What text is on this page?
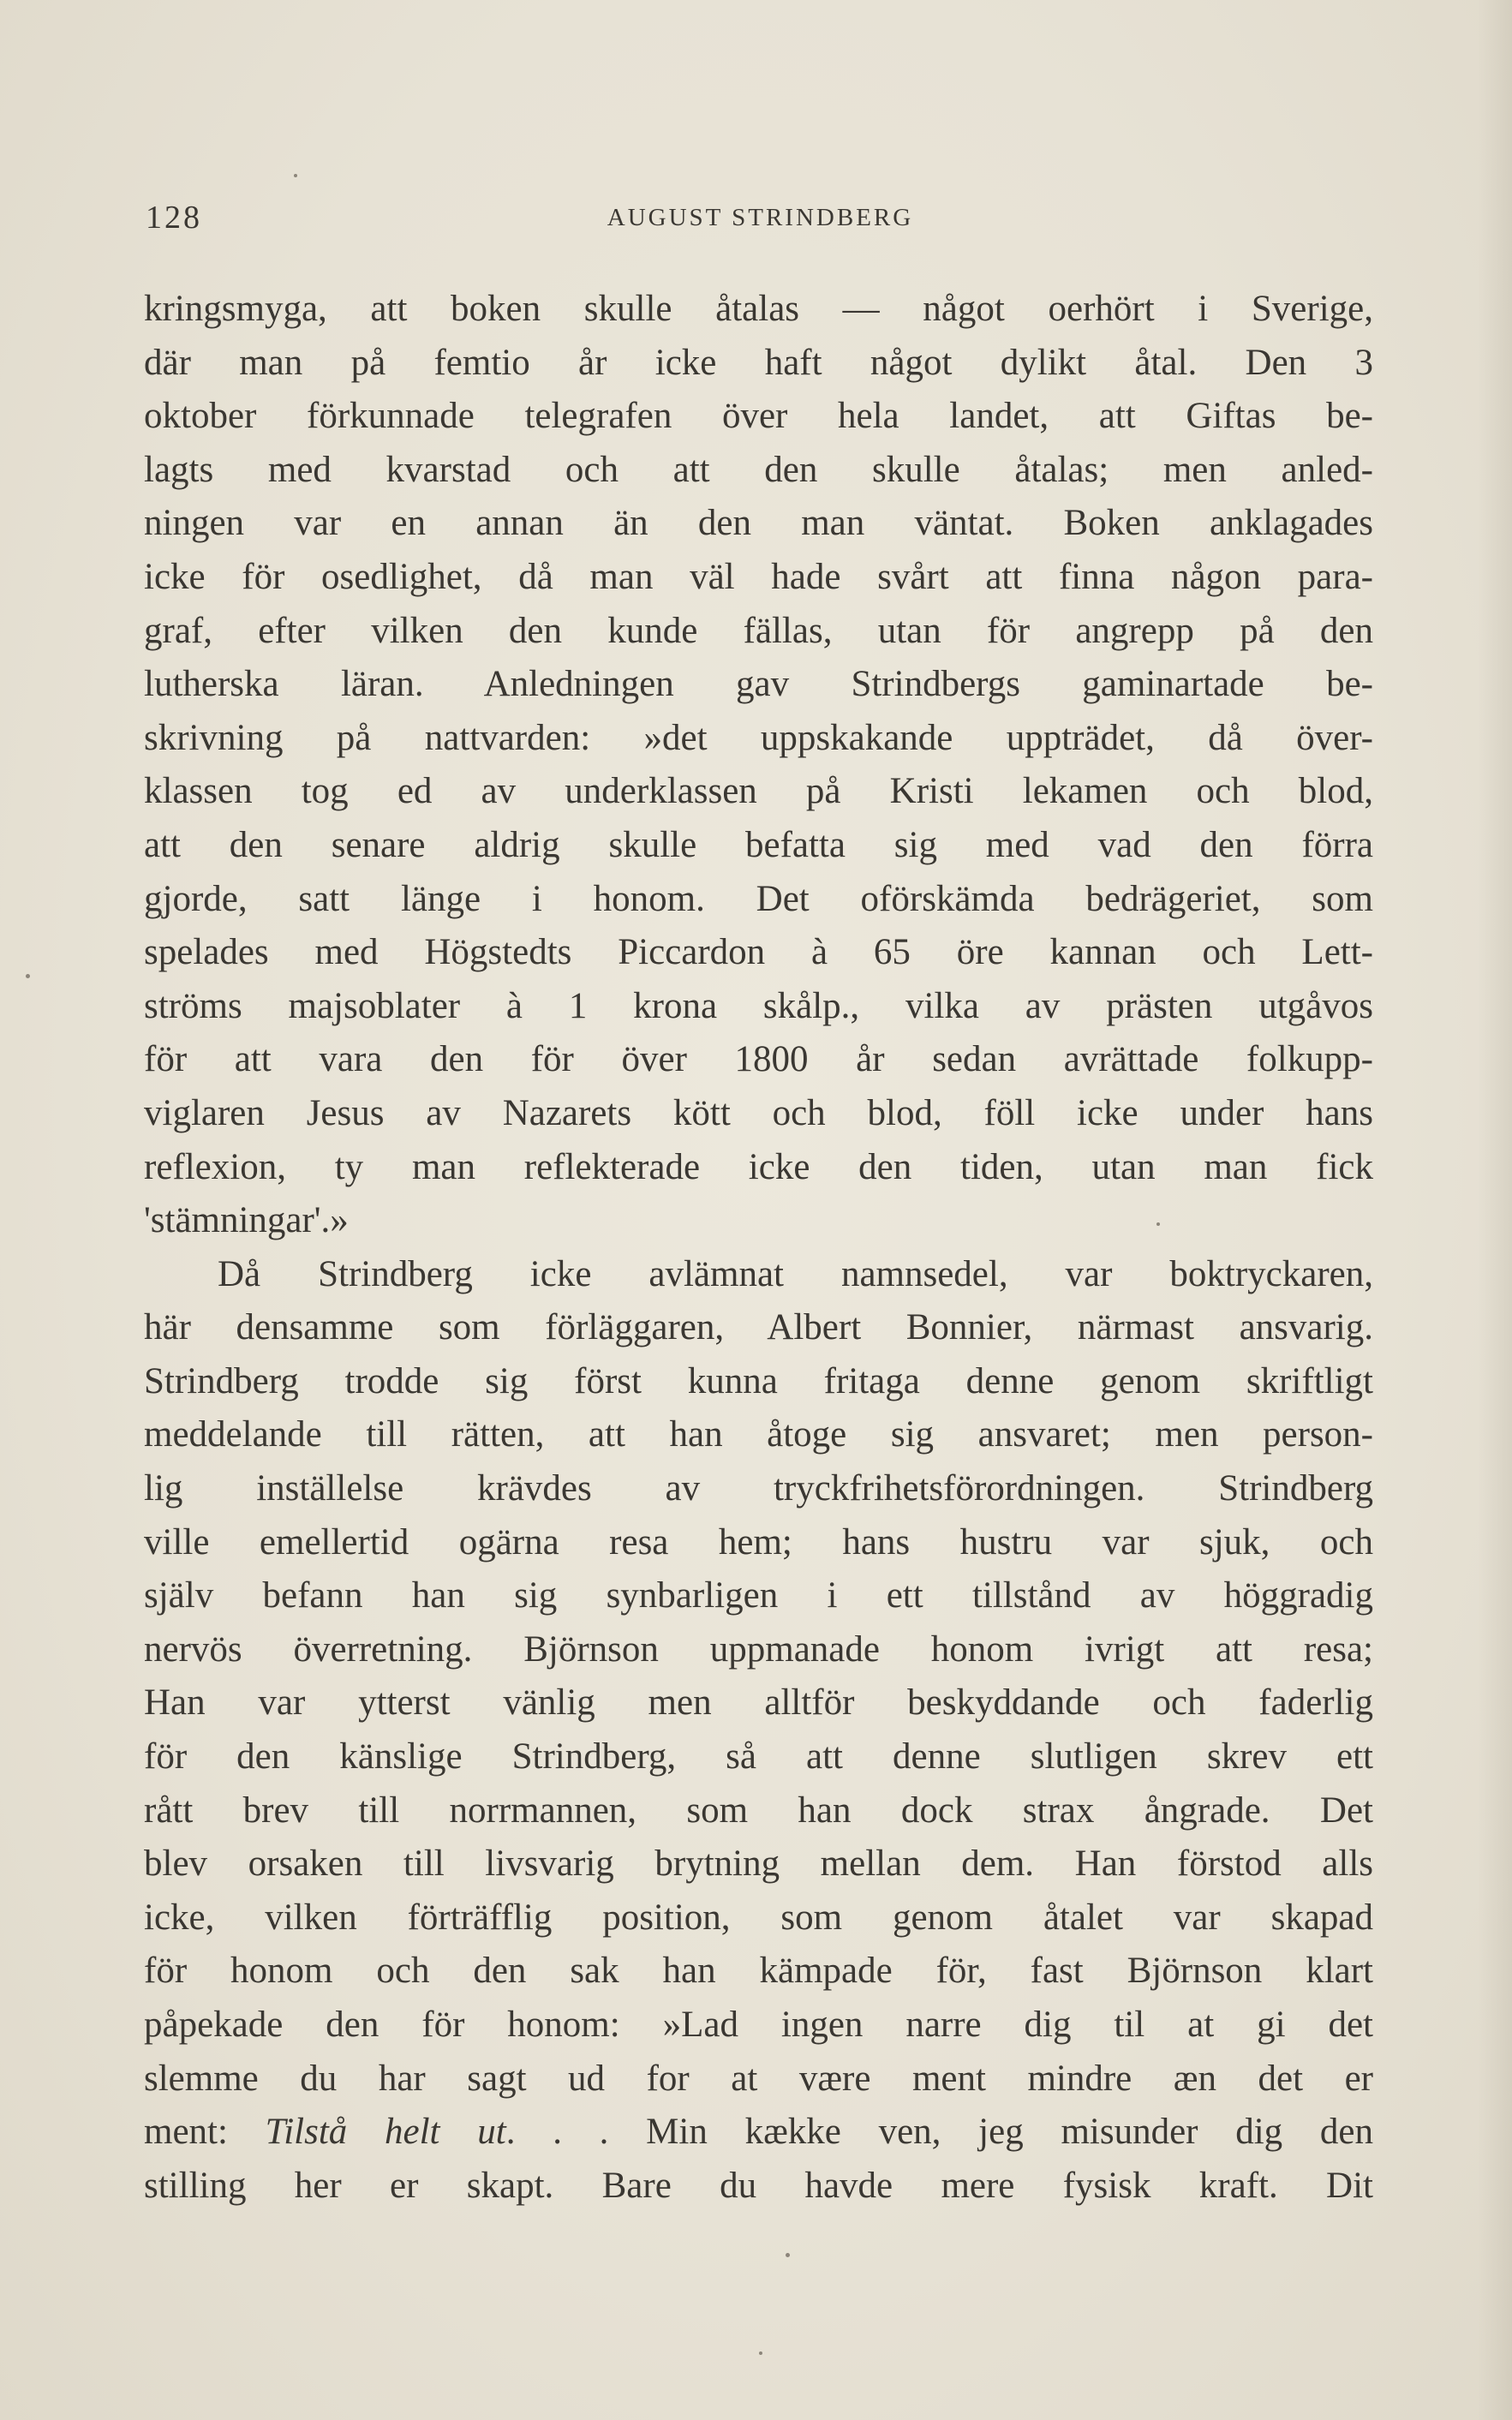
128	AUGUST STRINDBERG
kringsmyga, att boken skulle åtalas — något oerhört i Sverige,
där man på femtio år icke haft något dylikt åtal. Den 3
oktober förkunnade telegrafen över hela landet, att Giftas be-
lagts med kvarstad och att den skulle åtalas; men anled-
ningen var en annan än den man väntat. Boken anklagades
icke för osedlighet, då man väl hade svårt att finna någon para-
graf, efter vilken den kunde fällas, utan för angrepp på den
lutherska läran. Anledningen gav Strindbergs gaminartade be-
skrivning på nattvarden: »det uppskakande uppträdet, då över-
klassen tog ed av underklassen på Kristi lekamen och blod,
att den senare aldrig skulle befatta sig med vad den förra
gjorde, satt länge i honom. Det oförskämda bedrägeriet, som
spelades med Högstedts Piccardon à 65 öre kannan och Lett-
ströms majsoblater à 1 krona skålp., vilka av prästen utgåvos
för att vara den för över 1800 år sedan avrättade folkupp-
viglaren Jesus av Nazarets kött och blod, föll icke under hans
reflexion, ty man reflekterade icke den tiden, utan man fick
'stämningar'.»
Då Strindberg icke avlämnat namnsedel, var boktryckaren,
här densamme som förläggaren, Albert Bonnier, närmast ansvarig.
Strindberg trodde sig först kunna fritaga denne genom skriftligt
meddelande till rätten, att han åtoge sig ansvaret; men person-
lig inställelse krävdes av tryckfrihetsförordningen. Strindberg
ville emellertid ogärna resa hem; hans hustru var sjuk, och
själv befann han sig synbarligen i ett tillstånd av höggradig
nervös överretning. Björnson uppmanade honom ivrigt att resa;
Han var ytterst vänlig men alltför beskyddande och faderlig
för den känslige Strindberg, så att denne slutligen skrev ett
rått brev till norrmannen, som han dock strax ångrade. Det
blev orsaken till livsvarig brytning mellan dem. Han förstod alls
icke, vilken förträfflig position, som genom åtalet var skapad
för honom och den sak han kämpade för, fast Björnson klart
påpekade den för honom: »Lad ingen narre dig til at gi det
slemme du har sagt ud for at være ment mindre æn det er
ment: Tilstå helt ut. . . Min kække ven, jeg misunder dig den
stilling her er skapt. Bare du havde mere fysisk kraft. Dit
